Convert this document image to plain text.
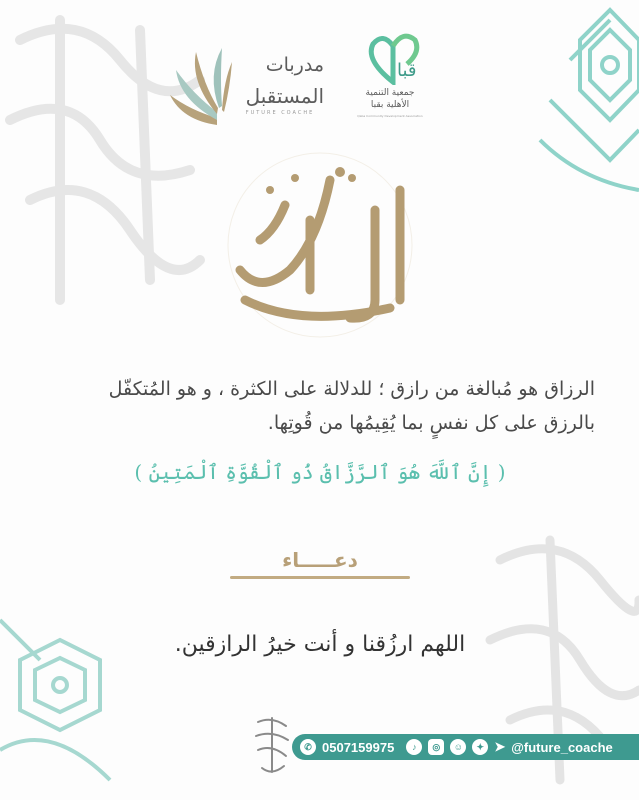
مدربات
المستقبل
FUTURE COACHE
قبا
جمعية التنمية
الأهلية بقبا
Qaba Community Development Association
الرزاق هو مُبالغة من رازق ؛ للدلالة على الكثرة ، و هو المُتكفّل
بالرزق على كل نفسٍ بما يُقِيمُها من قُوتِها.
( إِنَّ ٱللَّهَ هُوَ ٱلرَّزَّاقُ ذُو ٱلْقُوَّةِ ٱلْمَتِينُ )
دعـــــاء
اللهم ارزُقنا و أنت خيرُ الرازقين.
✆ 0507159975	♪	◎	☺	✦ ➤ @future_coache
